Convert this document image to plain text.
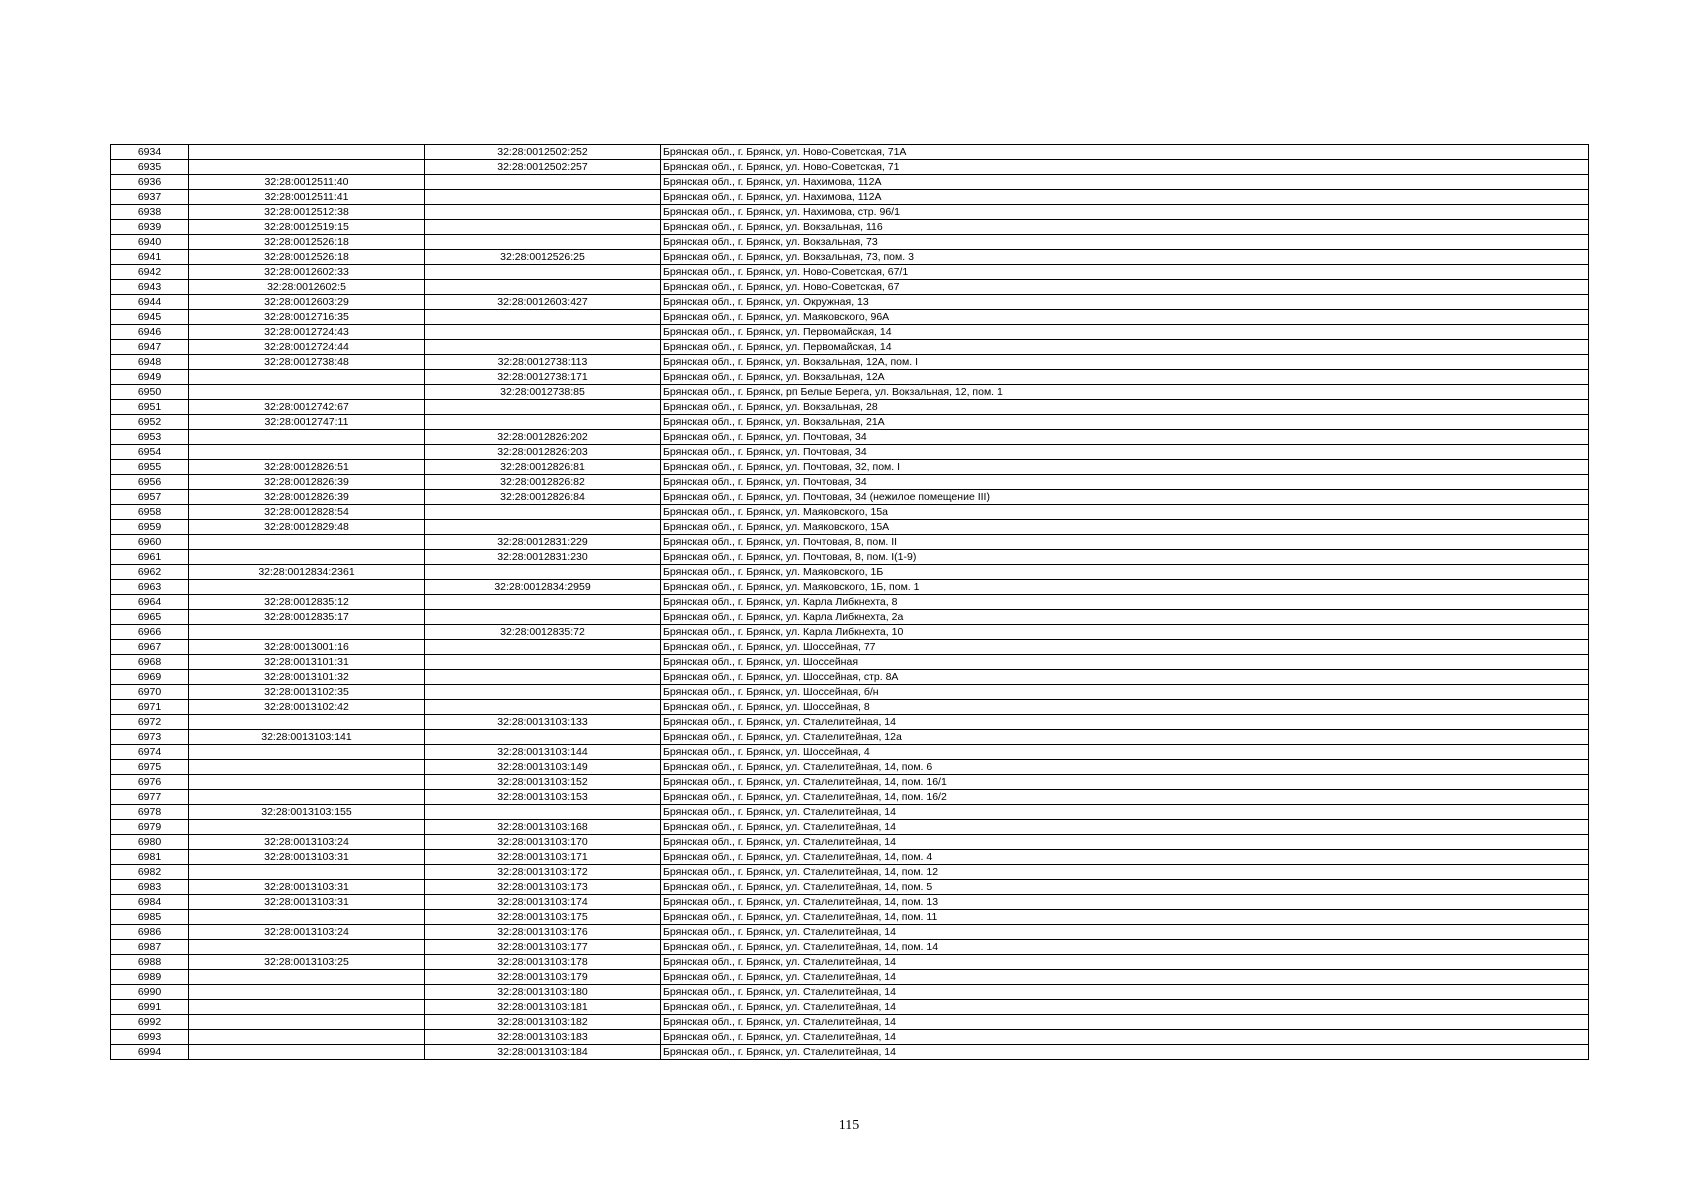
6934		32:28:0012502:252	Брянская обл., г. Брянск, ул. Ново-Советская, 71А
6935		32:28:0012502:257	Брянская обл., г. Брянск, ул. Ново-Советская, 71
6936	32:28:0012511:40		Брянская обл., г. Брянск, ул. Нахимова, 112А
6937	32:28:0012511:41		Брянская обл., г. Брянск, ул. Нахимова, 112А
6938	32:28:0012512:38		Брянская обл., г. Брянск, ул. Нахимова, стр. 96/1
6939	32:28:0012519:15		Брянская обл., г. Брянск, ул. Вокзальная, 116
6940	32:28:0012526:18		Брянская обл., г. Брянск, ул. Вокзальная, 73
6941	32:28:0012526:18	32:28:0012526:25	Брянская обл., г. Брянск, ул. Вокзальная, 73, пом. 3
6942	32:28:0012602:33		Брянская обл., г. Брянск, ул. Ново-Советская, 67/1
6943	32:28:0012602:5		Брянская обл., г. Брянск, ул. Ново-Советская, 67
6944	32:28:0012603:29	32:28:0012603:427	Брянская обл., г. Брянск, ул. Окружная, 13
6945	32:28:0012716:35		Брянская обл., г. Брянск, ул. Маяковского, 96А
6946	32:28:0012724:43		Брянская обл., г. Брянск, ул. Первомайская, 14
6947	32:28:0012724:44		Брянская обл., г. Брянск, ул. Первомайская, 14
6948	32:28:0012738:48	32:28:0012738:113	Брянская обл., г. Брянск, ул. Вокзальная, 12А, пом. I
6949		32:28:0012738:171	Брянская обл., г. Брянск, ул. Вокзальная, 12А
6950		32:28:0012738:85	Брянская обл., г. Брянск, рп Белые Берега, ул. Вокзальная, 12, пом. 1
6951	32:28:0012742:67		Брянская обл., г. Брянск, ул. Вокзальная, 28
6952	32:28:0012747:11		Брянская обл., г. Брянск, ул. Вокзальная, 21А
6953		32:28:0012826:202	Брянская обл., г. Брянск, ул. Почтовая, 34
6954		32:28:0012826:203	Брянская обл., г. Брянск, ул. Почтовая, 34
6955	32:28:0012826:51	32:28:0012826:81	Брянская обл., г. Брянск, ул. Почтовая, 32, пом. I
6956	32:28:0012826:39	32:28:0012826:82	Брянская обл., г. Брянск, ул. Почтовая, 34
6957	32:28:0012826:39	32:28:0012826:84	Брянская обл., г. Брянск, ул. Почтовая, 34 (нежилое помещение III)
6958	32:28:0012828:54		Брянская обл., г. Брянск, ул. Маяковского, 15а
6959	32:28:0012829:48		Брянская обл., г. Брянск, ул. Маяковского, 15А
6960		32:28:0012831:229	Брянская обл., г. Брянск, ул. Почтовая, 8, пом. II
6961		32:28:0012831:230	Брянская обл., г. Брянск, ул. Почтовая, 8, пом. I(1-9)
6962	32:28:0012834:2361		Брянская обл., г. Брянск, ул. Маяковского, 1Б
6963		32:28:0012834:2959	Брянская обл., г. Брянск, ул. Маяковского, 1Б, пом. 1
6964	32:28:0012835:12		Брянская обл., г. Брянск, ул. Карла Либкнехта, 8
6965	32:28:0012835:17		Брянская обл., г. Брянск, ул. Карла Либкнехта, 2а
6966		32:28:0012835:72	Брянская обл., г. Брянск, ул. Карла Либкнехта, 10
6967	32:28:0013001:16		Брянская обл., г. Брянск, ул. Шоссейная, 77
6968	32:28:0013101:31		Брянская обл., г. Брянск, ул. Шоссейная
6969	32:28:0013101:32		Брянская обл., г. Брянск, ул. Шоссейная, стр. 8А
6970	32:28:0013102:35		Брянская обл., г. Брянск, ул. Шоссейная, б/н
6971	32:28:0013102:42		Брянская обл., г. Брянск, ул. Шоссейная, 8
6972		32:28:0013103:133	Брянская обл., г. Брянск, ул. Сталелитейная, 14
6973	32:28:0013103:141		Брянская обл., г. Брянск, ул. Сталелитейная, 12а
6974		32:28:0013103:144	Брянская обл., г. Брянск, ул. Шоссейная, 4
6975		32:28:0013103:149	Брянская обл., г. Брянск, ул. Сталелитейная, 14, пом. 6
6976		32:28:0013103:152	Брянская обл., г. Брянск, ул. Сталелитейная, 14, пом. 16/1
6977		32:28:0013103:153	Брянская обл., г. Брянск, ул. Сталелитейная, 14, пом. 16/2
6978	32:28:0013103:155		Брянская обл., г. Брянск, ул. Сталелитейная, 14
6979		32:28:0013103:168	Брянская обл., г. Брянск, ул. Сталелитейная, 14
6980	32:28:0013103:24	32:28:0013103:170	Брянская обл., г. Брянск, ул. Сталелитейная, 14
6981	32:28:0013103:31	32:28:0013103:171	Брянская обл., г. Брянск, ул. Сталелитейная, 14, пом. 4
6982		32:28:0013103:172	Брянская обл., г. Брянск, ул. Сталелитейная, 14, пом. 12
6983	32:28:0013103:31	32:28:0013103:173	Брянская обл., г. Брянск, ул. Сталелитейная, 14, пом. 5
6984	32:28:0013103:31	32:28:0013103:174	Брянская обл., г. Брянск, ул. Сталелитейная, 14, пом. 13
6985		32:28:0013103:175	Брянская обл., г. Брянск, ул. Сталелитейная, 14, пом. 11
6986	32:28:0013103:24	32:28:0013103:176	Брянская обл., г. Брянск, ул. Сталелитейная, 14
6987		32:28:0013103:177	Брянская обл., г. Брянск, ул. Сталелитейная, 14, пом. 14
6988	32:28:0013103:25	32:28:0013103:178	Брянская обл., г. Брянск, ул. Сталелитейная, 14
6989		32:28:0013103:179	Брянская обл., г. Брянск, ул. Сталелитейная, 14
6990		32:28:0013103:180	Брянская обл., г. Брянск, ул. Сталелитейная, 14
6991		32:28:0013103:181	Брянская обл., г. Брянск, ул. Сталелитейная, 14
6992		32:28:0013103:182	Брянская обл., г. Брянск, ул. Сталелитейная, 14
6993		32:28:0013103:183	Брянская обл., г. Брянск, ул. Сталелитейная, 14
6994		32:28:0013103:184	Брянская обл., г. Брянск, ул. Сталелитейная, 14
115
